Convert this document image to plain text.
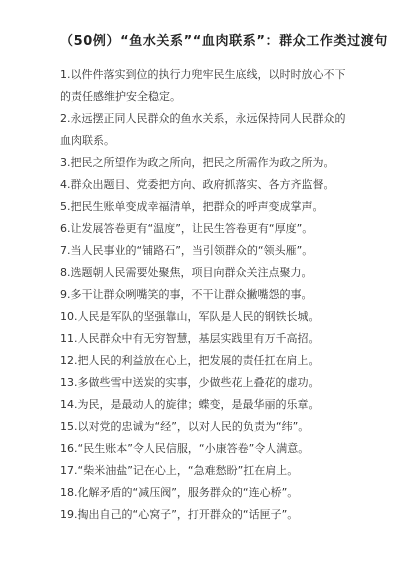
（50例）“鱼水关系”“血肉联系”：群众工作类过渡句
1.以件件落实到位的执行力兜牢民生底线，以时时放心不下的责任感维护安全稳定。
2.永远摆正同人民群众的鱼水关系，永远保持同人民群众的血肉联系。
3.把民之所望作为政之所向，把民之所需作为政之所为。
4.群众出题目、党委把方向、政府抓落实、各方齐监督。
5.把民生账单变成幸福清单，把群众的呼声变成掌声。
6.让发展答卷更有“温度”，让民生答卷更有“厚度”。
7.当人民事业的“铺路石”，当引领群众的“领头雁”。
8.选题朝人民需要处聚焦，项目向群众关注点聚力。
9.多干让群众咧嘴笑的事，不干让群众撇嘴怨的事。
10.人民是军队的坚强靠山，军队是人民的钢铁长城。
11.人民群众中有无穷智慧，基层实践里有万千高招。
12.把人民的利益放在心上，把发展的责任扛在肩上。
13.多做些雪中送炭的实事，少做些花上叠花的虚功。
14.为民，是最动人的旋律；蝶变，是最华丽的乐章。
15.以对党的忠诚为“经”，以对人民的负责为“纬”。
16.“民生账本”令人民信服，“小康答卷”令人满意。
17.“柴米油盐”记在心上，“急难愁盼”扛在肩上。
18.化解矛盾的“减压阀”，服务群众的“连心桥”。
19.掏出自己的“心窝子”，打开群众的“话匣子”。
